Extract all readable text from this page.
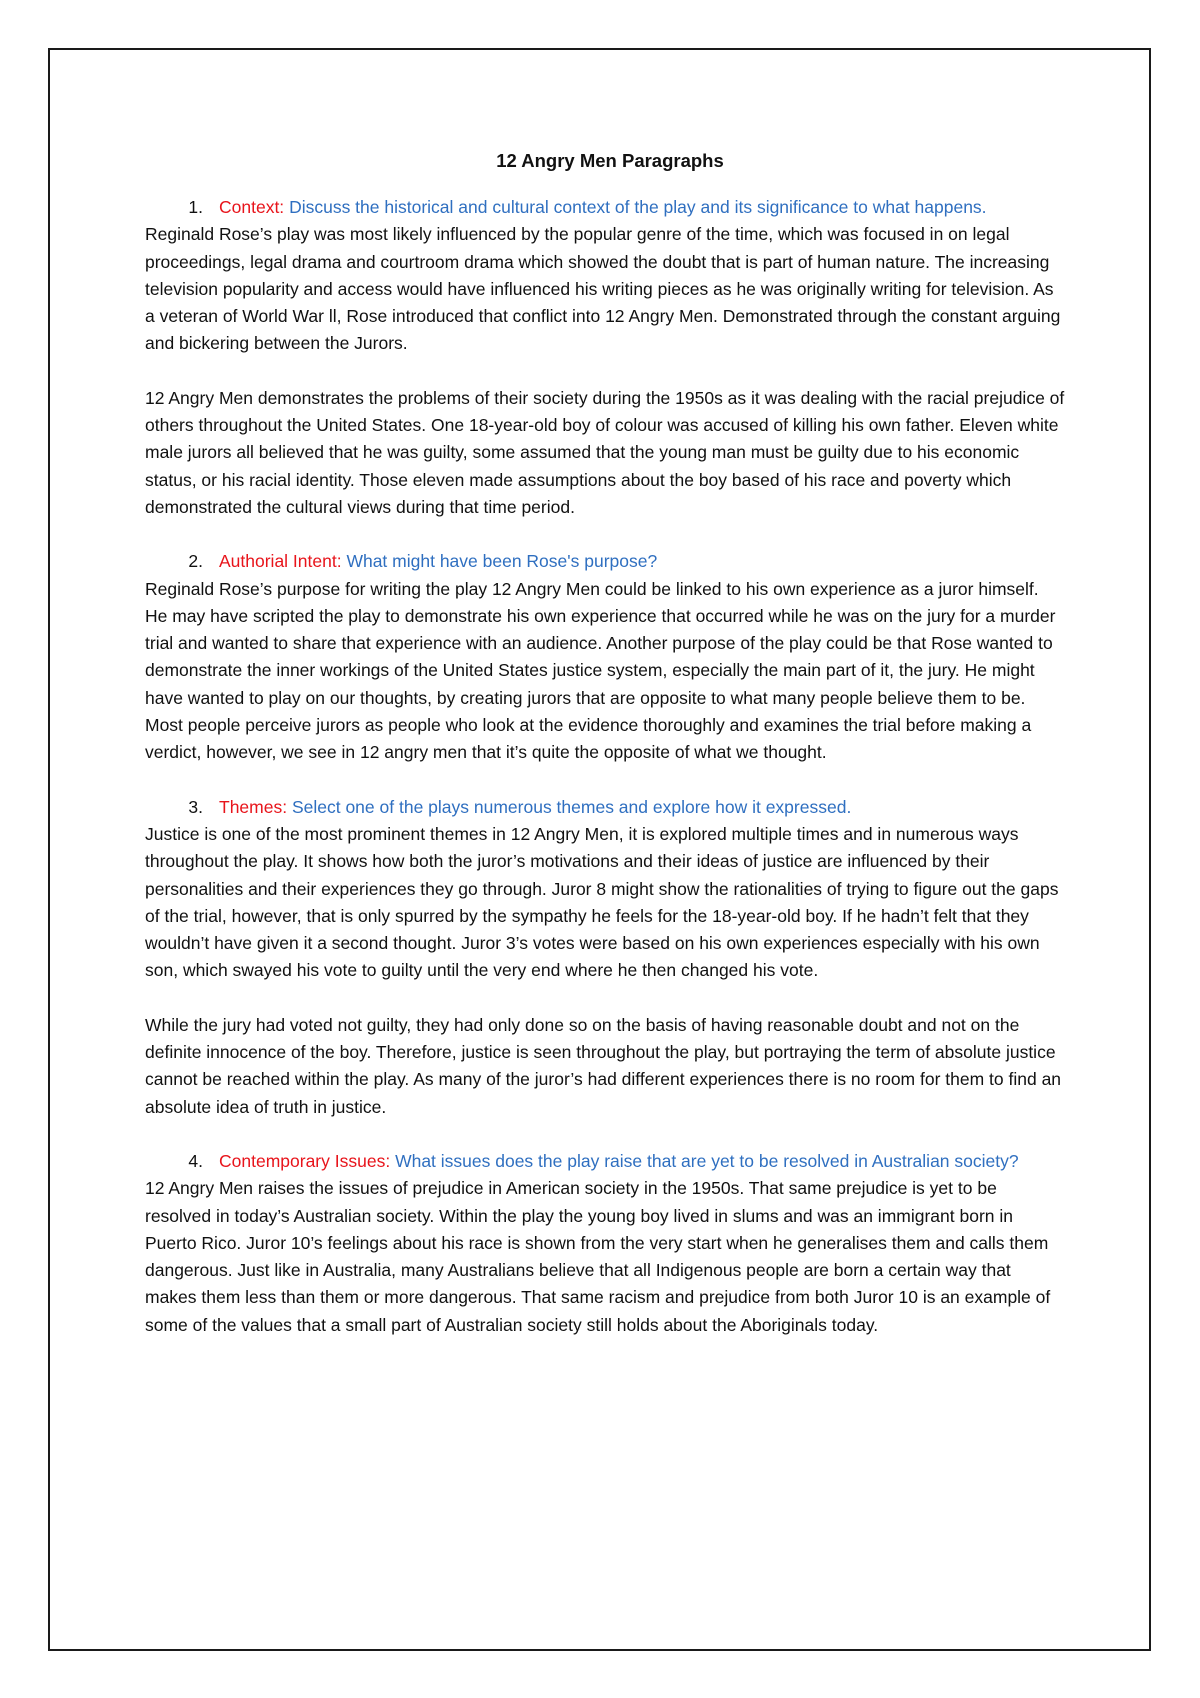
12 Angry Men Paragraphs
1. Context: Discuss the historical and cultural context of the play and its significance to what happens.

Reginald Rose’s play was most likely influenced by the popular genre of the time, which was focused in on legal proceedings, legal drama and courtroom drama which showed the doubt that is part of human nature. The increasing television popularity and access would have influenced his writing pieces as he was originally writing for television. As a veteran of World War ll, Rose introduced that conflict into 12 Angry Men. Demonstrated through the constant arguing and bickering between the Jurors.

12 Angry Men demonstrates the problems of their society during the 1950s as it was dealing with the racial prejudice of others throughout the United States. One 18-year-old boy of colour was accused of killing his own father. Eleven white male jurors all believed that he was guilty, some assumed that the young man must be guilty due to his economic status, or his racial identity. Those eleven made assumptions about the boy based of his race and poverty which demonstrated the cultural views during that time period.

2. Authorial Intent: What might have been Rose's purpose?

Reginald Rose’s purpose for writing the play 12 Angry Men could be linked to his own experience as a juror himself. He may have scripted the play to demonstrate his own experience that occurred while he was on the jury for a murder trial and wanted to share that experience with an audience. Another purpose of the play could be that Rose wanted to demonstrate the inner workings of the United States justice system, especially the main part of it, the jury. He might have wanted to play on our thoughts, by creating jurors that are opposite to what many people believe them to be. Most people perceive jurors as people who look at the evidence thoroughly and examines the trial before making a verdict, however, we see in 12 angry men that it’s quite the opposite of what we thought.

3. Themes: Select one of the plays numerous themes and explore how it expressed.

Justice is one of the most prominent themes in 12 Angry Men, it is explored multiple times and in numerous ways throughout the play. It shows how both the juror’s motivations and their ideas of justice are influenced by their personalities and their experiences they go through. Juror 8 might show the rationalities of trying to figure out the gaps of the trial, however, that is only spurred by the sympathy he feels for the 18-year-old boy. If he hadn’t felt that they wouldn’t have given it a second thought. Juror 3’s votes were based on his own experiences especially with his own son, which swayed his vote to guilty until the very end where he then changed his vote.

While the jury had voted not guilty, they had only done so on the basis of having reasonable doubt and not on the definite innocence of the boy. Therefore, justice is seen throughout the play, but portraying the term of absolute justice cannot be reached within the play. As many of the juror’s had different experiences there is no room for them to find an absolute idea of truth in justice.

4. Contemporary Issues: What issues does the play raise that are yet to be resolved in Australian society?

12 Angry Men raises the issues of prejudice in American society in the 1950s. That same prejudice is yet to be resolved in today’s Australian society. Within the play the young boy lived in slums and was an immigrant born in Puerto Rico. Juror 10’s feelings about his race is shown from the very start when he generalises them and calls them dangerous. Just like in Australia, many Australians believe that all Indigenous people are born a certain way that makes them less than them or more dangerous. That same racism and prejudice from both Juror 10 is an example of some of the values that a small part of Australian society still holds about the Aboriginals today.
